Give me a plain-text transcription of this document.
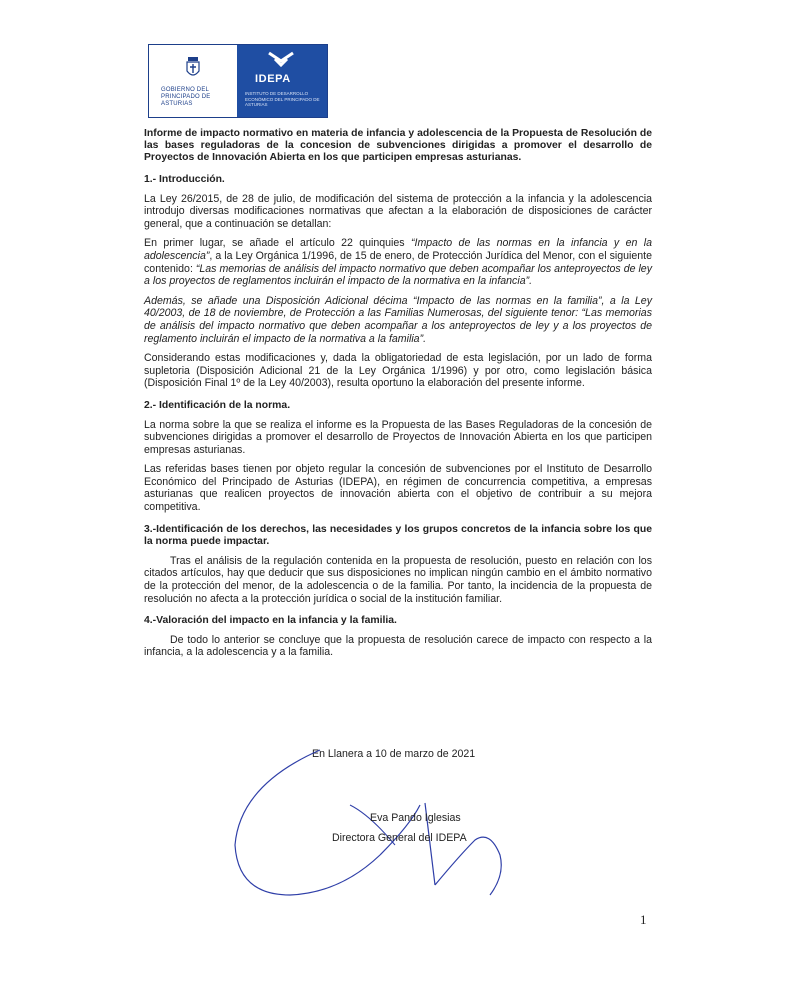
GOBIERNO DEL PRINCIPADO DE ASTURIAS
IDEPA
INSTITUTO DE DESARROLLO ECONÓMICO DEL PRINCIPADO DE ASTURIAS

Informe de impacto normativo en materia de infancia y adolescencia de la Propuesta de Resolución de las bases reguladoras de la concesion de subvenciones dirigidas a promover el desarrollo de Proyectos de Innovación Abierta en los que participen empresas asturianas.

1.- Introducción.

La Ley 26/2015, de 28 de julio, de modificación del sistema de protección a la infancia y la adolescencia introdujo diversas modificaciones normativas que afectan a la elaboración de disposiciones de carácter general, que a continuación se detallan:

En primer lugar, se añade el artículo 22 quinquies “Impacto de las normas en la infancia y en la adolescencia”, a la Ley Orgánica 1/1996, de 15 de enero, de Protección Jurídica del Menor, con el siguiente contenido: “Las memorias de análisis del impacto normativo que deben acompañar los anteproyectos de ley a los proyectos de reglamentos incluirán el impacto de la normativa en la infancia”.

Además, se añade una Disposición Adicional décima “Impacto de las normas en la familia”, a la Ley 40/2003, de 18 de noviembre, de Protección a las Familias Numerosas, del siguiente tenor: “Las memorias de análisis del impacto normativo que deben acompañar a los anteproyectos de ley y a los proyectos de reglamento incluirán el impacto de la normativa a la familia”.

Considerando estas modificaciones y, dada la obligatoriedad de esta legislación, por un lado de forma supletoria (Disposición Adicional 21 de la Ley Orgánica 1/1996) y por otro, como legislación básica (Disposición Final 1º de la Ley 40/2003), resulta oportuno la elaboración del presente informe.

2.- Identificación de la norma.

La norma sobre la que se realiza el informe es la Propuesta de las Bases Reguladoras de la concesión de subvenciones dirigidas a promover el desarrollo de Proyectos de Innovación Abierta en los que participen empresas asturianas.

Las referidas bases tienen por objeto regular la concesión de subvenciones por el Instituto de Desarrollo Económico del Principado de Asturias (IDEPA), en régimen de concurrencia competitiva, a empresas asturianas que realicen proyectos de innovación abierta con el objetivo de contribuir a su mejora competitiva.

3.-Identificación de los derechos, las necesidades y los grupos concretos de la infancia sobre los que la norma puede impactar.

Tras el análisis de la regulación contenida en la propuesta de resolución, puesto en relación con los citados artículos, hay que deducir que sus disposiciones no implican ningún cambio en el ámbito normativo de la protección del menor, de la adolescencia o de la familia. Por tanto, la incidencia de la propuesta de resolución no afecta a la protección jurídica o social de la institución familiar.

4.-Valoración del impacto en la infancia y la familia.

De todo lo anterior se concluye que la propuesta de resolución carece de impacto con respecto a la infancia, a la adolescencia y a la familia.

En Llanera a 10 de marzo de 2021
Eva Pando Iglesias
Directora General del IDEPA
1
